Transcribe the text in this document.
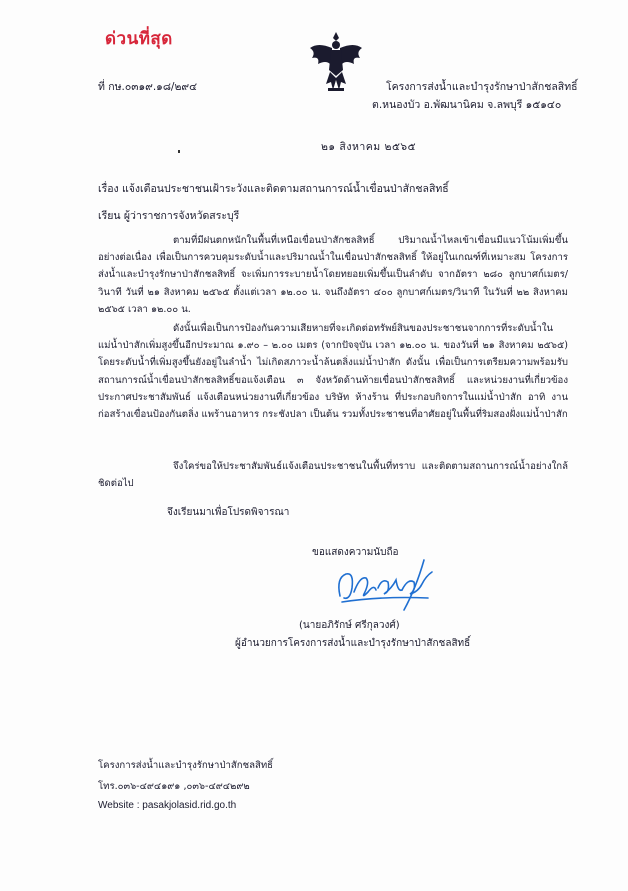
ด่วนที่สุด
ที่ กษ.๐๓๑๙.๑๘/๒๙๔	โครงการส่งน้ำและบำรุงรักษาป่าสักชลสิทธิ์
ต.หนองบัว อ.พัฒนานิคม จ.ลพบุรี ๑๕๑๔๐
๒๑ สิงหาคม ๒๕๖๕
เรื่อง แจ้งเตือนประชาชนเฝ้าระวังและติดตามสถานการณ์น้ำเขื่อนป่าสักชลสิทธิ์
เรียน ผู้ว่าราชการจังหวัดสระบุรี
ตามที่มีฝนตกหนักในพื้นที่เหนือเขื่อนป่าสักชลสิทธิ์ ปริมาณน้ำไหลเข้าเขื่อนมีแนวโน้มเพิ่มขึ้นอย่างต่อเนื่อง เพื่อเป็นการควบคุมระดับน้ำและปริมาณน้ำในเขื่อนป่าสักชลสิทธิ์ ให้อยู่ในเกณฑ์ที่เหมาะสม โครงการส่งน้ำและบำรุงรักษาป่าสักชลสิทธิ์ จะเพิ่มการระบายน้ำโดยทยอยเพิ่มขึ้นเป็นลำดับ จากอัตรา ๒๘๐ ลูกบาศก์เมตร/วินาที วันที่ ๒๑ สิงหาคม ๒๕๖๕ ตั้งแต่เวลา ๑๒.๐๐ น. จนถึงอัตรา ๔๐๐ ลูกบาศก์เมตร/วินาที ในวันที่ ๒๒ สิงหาคม ๒๕๖๕ เวลา ๑๒.๐๐ น.
ดังนั้นเพื่อเป็นการป้องกันความเสียหายที่จะเกิดต่อทรัพย์สินของประชาชนจากการที่ระดับน้ำในแม่น้ำป่าสักเพิ่มสูงขึ้นอีกประมาณ ๑.๙๐ – ๒.๐๐ เมตร (จากปัจจุบัน เวลา ๑๒.๐๐ น. ของวันที่ ๒๑ สิงหาคม ๒๕๖๕) โดยระดับน้ำที่เพิ่มสูงขึ้นยังอยู่ในลำน้ำ ไม่เกิดสภาวะน้ำล้นตลิ่งแม่น้ำป่าสัก ดังนั้น เพื่อเป็นการเตรียมความพร้อมรับสถานการณ์น้ำเขื่อนป่าสักชลสิทธิ์ขอแจ้งเตือน ๓ จังหวัดด้านท้ายเขื่อนป่าสักชลสิทธิ์ และหน่วยงานที่เกี่ยวข้อง ประกาศประชาสัมพันธ์ แจ้งเตือนหน่วยงานที่เกี่ยวข้อง บริษัท ห้างร้าน ที่ประกอบกิจการในแม่น้ำป่าสัก อาทิ งานก่อสร้างเขื่อนป้องกันตลิ่ง แพร้านอาหาร กระชังปลา เป็นต้น รวมทั้งประชาชนที่อาศัยอยู่ในพื้นที่ริมสองฝั่งแม่น้ำป่าสัก
จึงใคร่ขอให้ประชาสัมพันธ์แจ้งเตือนประชาชนในพื้นที่ทราบ และติดตามสถานการณ์น้ำอย่างใกล้ชิดต่อไป
จึงเรียนมาเพื่อโปรดพิจารณา
ขอแสดงความนับถือ
(นายอภิรักษ์ ศรีกุลวงศ์)
ผู้อำนวยการโครงการส่งน้ำและบำรุงรักษาป่าสักชลสิทธิ์
โครงการส่งน้ำและบำรุงรักษาป่าสักชลสิทธิ์
โทร.๐๓๖-๔๙๔๑๙๑ ,๐๓๖-๔๙๔๒๙๒
Website : pasakjolasid.rid.go.th
